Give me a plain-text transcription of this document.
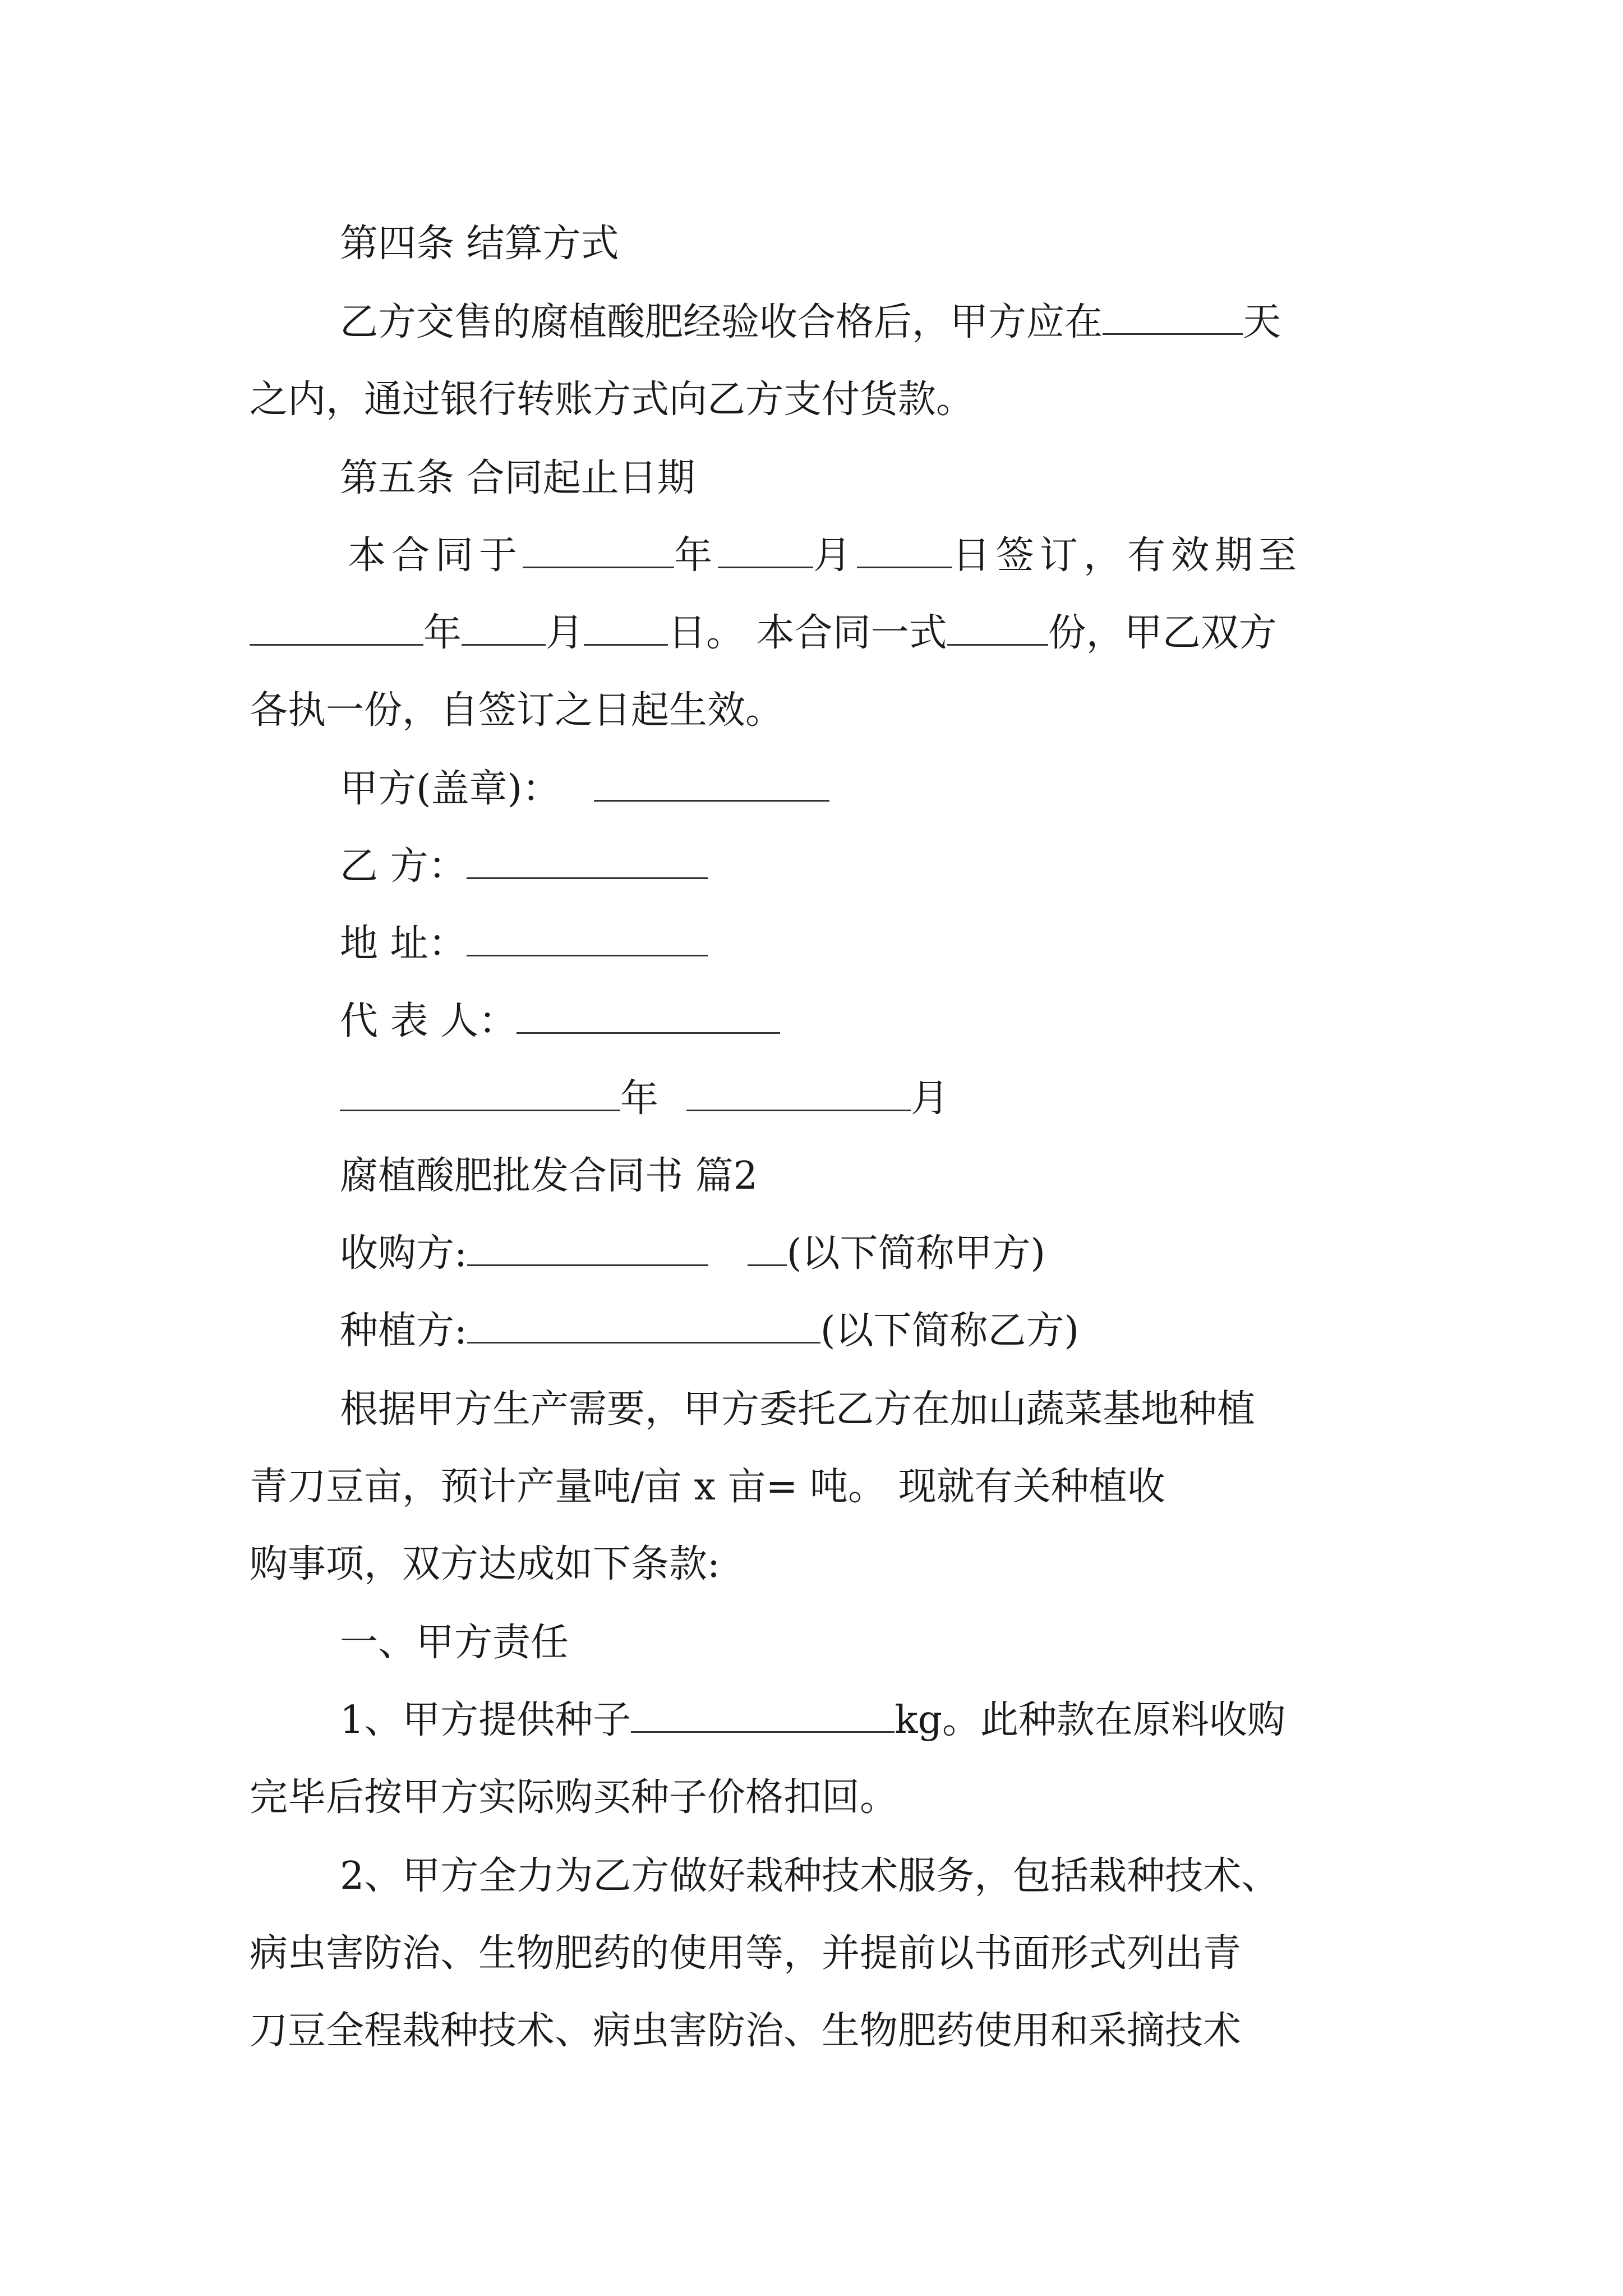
第四条 结算方式
乙方交售的腐植酸肥经验收合格后，甲方应在	天
之内，通过银行转账方式向乙方支付货款。
第五条 合同起止日期
本合同于	年	月	日签订，有效期至
年 月 日。 本合同一式	份，甲乙双方
各执一份，自签订之日起生效。
甲方(盖章)：
乙 方：
地 址：
代 表 人：
年	月
腐植酸肥批发合同书 篇2
收购方:	(以下简称甲方)
种植方:	(以下简称乙方)
根据甲方生产需要，甲方委托乙方在加山蔬菜基地种植
青刀豆亩，预计产量吨/亩 x 亩= 吨。 现就有关种植收
购事项，双方达成如下条款:
一、甲方责任
1、甲方提供种子	kg。此种款在原料收购
完毕后按甲方实际购买种子价格扣回。
2、甲方全力为乙方做好栽种技术服务，包括栽种技术、
病虫害防治、生物肥药的使用等，并提前以书面形式列出青
刀豆全程栽种技术、病虫害防治、生物肥药使用和采摘技术
